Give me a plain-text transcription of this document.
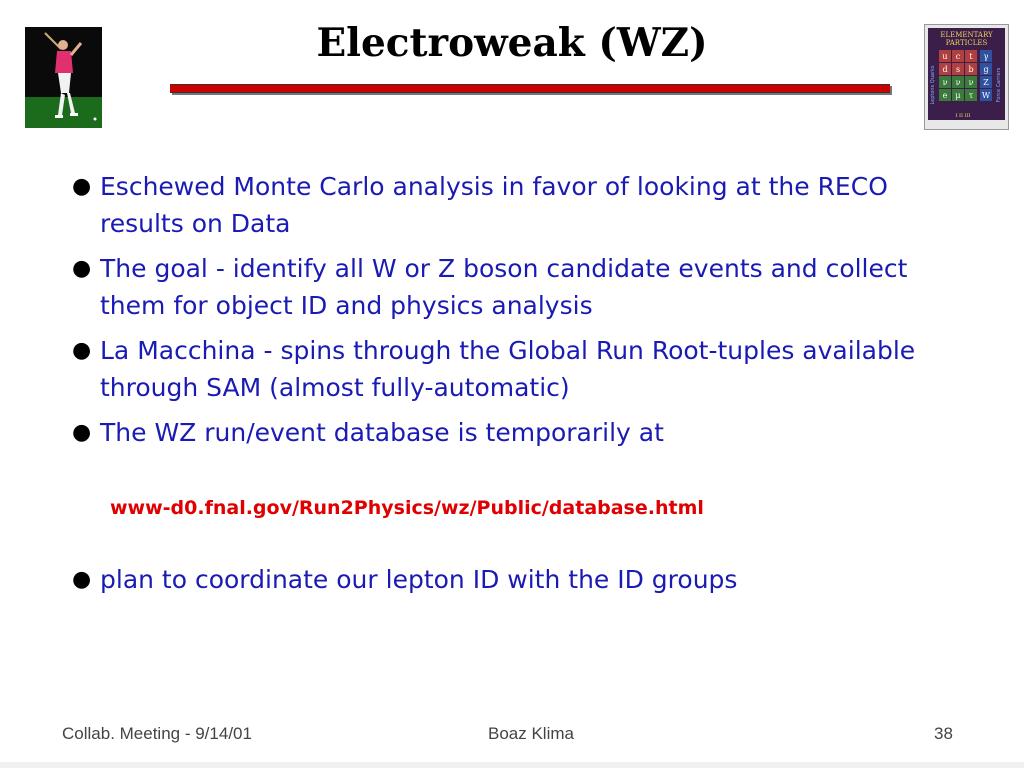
Electroweak (WZ)	ELEMENTARY
PARTICLES
u c t
d s b
ν ν ν
e μ τ
γ
g
Z
W
Leptons Quarks	Force Carriers
I II III
● Eschewed Monte Carlo analysis in favor of looking at the RECO results on Data
● The goal - identify all W or Z boson candidate events and collect them for object ID and physics analysis
● La Macchina - spins through the Global Run Root-tuples available through SAM (almost fully-automatic)
● The WZ run/event database is temporarily at
www-d0.fnal.gov/Run2Physics/wz/Public/database.html
● plan to coordinate our lepton ID with the ID groups
Collab. Meeting - 9/14/01	Boaz Klima	38
